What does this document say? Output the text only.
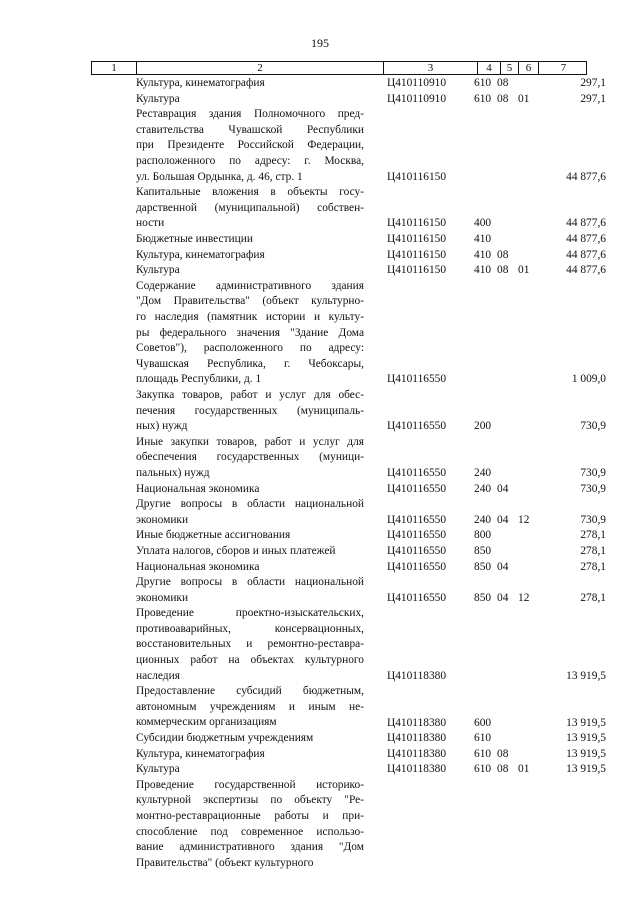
195
1	2	3	4	5	6	7
Культура, кинематография	Ц410110910	610 08	297,1
Культура	Ц410110910	610 08 01	297,1
Реставрация здания Полномочного пред-
ставительства Чувашской Республики
при Президенте Российской Федерации,
расположенного по адресу: г. Москва,
ул. Большая Ордынка, д. 46, стр. 1	Ц410116150	44 877,6
Капитальные вложения в объекты госу-
дарственной (муниципальной) собствен-
ности	Ц410116150	400	44 877,6
Бюджетные инвестиции	Ц410116150	410	44 877,6
Культура, кинематография	Ц410116150	410 08	44 877,6
Культура	Ц410116150	410 08 01	44 877,6
Содержание административного здания
"Дом Правительства" (объект культурно-
го наследия (памятник истории и культу-
ры федерального значения "Здание Дома
Советов"), расположенного по адресу:
Чувашская Республика, г. Чебоксары,
площадь Республики, д. 1	Ц410116550	1 009,0
Закупка товаров, работ и услуг для обес-
печения государственных (муниципаль-
ных) нужд	Ц410116550	200	730,9
Иные закупки товаров, работ и услуг для
обеспечения государственных (муници-
пальных) нужд	Ц410116550	240	730,9
Национальная экономика	Ц410116550	240 04	730,9
Другие вопросы в области национальной
экономики	Ц410116550	240 04 12	730,9
Иные бюджетные ассигнования	Ц410116550	800	278,1
Уплата налогов, сборов и иных платежей	Ц410116550	850	278,1
Национальная экономика	Ц410116550	850 04	278,1
Другие вопросы в области национальной
экономики	Ц410116550	850 04 12	278,1
Проведение проектно-изыскательских,
противоаварийных, консервационных,
восстановительных и ремонтно-реставра-
ционных работ на объектах культурного
наследия	Ц410118380	13 919,5
Предоставление субсидий бюджетным,
автономным учреждениям и иным не-
коммерческим организациям	Ц410118380	600	13 919,5
Субсидии бюджетным учреждениям	Ц410118380	610	13 919,5
Культура, кинематография	Ц410118380	610 08	13 919,5
Культура	Ц410118380	610 08 01	13 919,5
Проведение государственной историко-
культурной экспертизы по объекту "Ре-
монтно-реставрационные работы и при-
способление под современное использо-
вание административного здания "Дом
Правительства" (объект культурного
